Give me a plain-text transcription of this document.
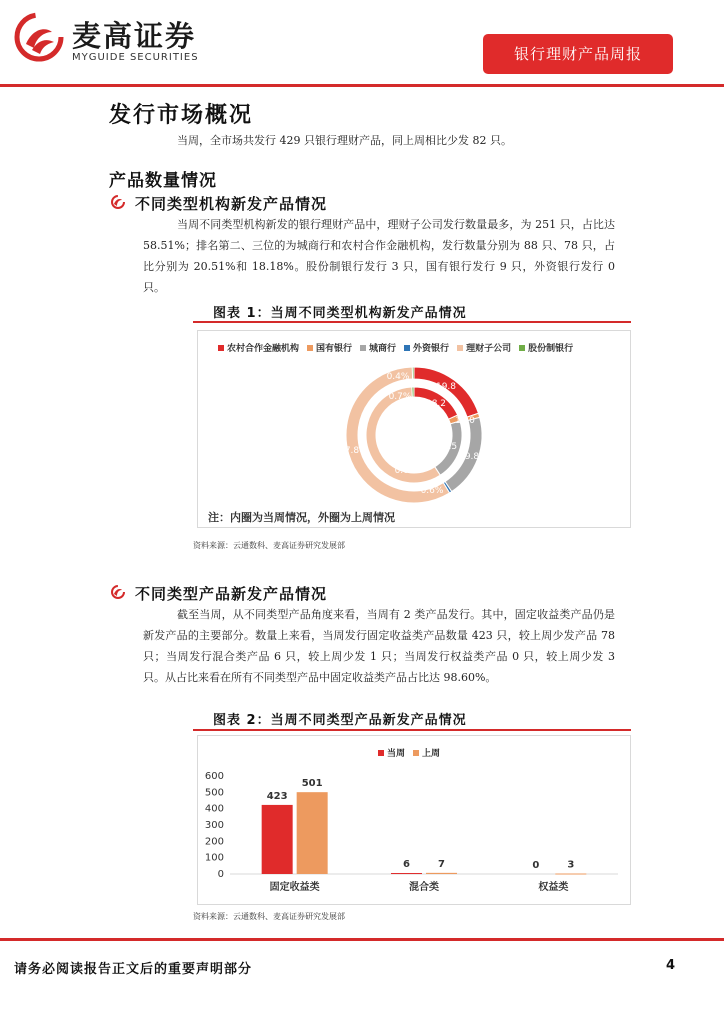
麦高证券
MYGUIDE SECURITIES	银行理财产品周报
发行市场概况
当周，全市场共发行 429 只银行理财产品，同上周相比少发 82 只。
产品数量情况
不同类型机构新发产品情况
当周不同类型机构新发的银行理财产品中，理财子公司发行数量最多，为 251 只，占比达 58.51%；排名第二、三位的为城商行和农村合作金融机构，发行数量分别为 88 只、78 只，占比分别为 20.51%和 18.18%。股份制银行发行 3 只，国有银行发行 9 只，外资银行发行 0 只。
图表 1：当周不同类型机构新发产品情况
农村合作金融机构 国有银行 城商行 外资银行 理财子公司 股份制银行
0.4%
19.8
0.7%
18.2
1 0
0.5
9.8
7.8
0.0%
0.6%
注：内圈为当周情况，外圈为上周情况
资料来源：云通数科、麦高证券研究发展部
不同类型产品新发产品情况
截至当周，从不同类型产品角度来看，当周有 2 类产品发行。其中，固定收益类产品仍是新发产品的主要部分。数量上来看，当周发行固定收益类产品数量 423 只，较上周少发产品 78 只；当周发行混合类产品 6 只，较上周少发 1 只；当周发行权益类产品 0 只，较上周少发 3 只。从占比来看在所有不同类型产品中固定收益类产品占比达 98.60%。
图表 2：当周不同类型产品新发产品情况
当周 上周
0
100
200
300
400
500
600
423
501
固定收益类
6	7
混合类
0	3
权益类
资料来源：云通数科、麦高证券研究发展部
请务必阅读报告正文后的重要声明部分	4
